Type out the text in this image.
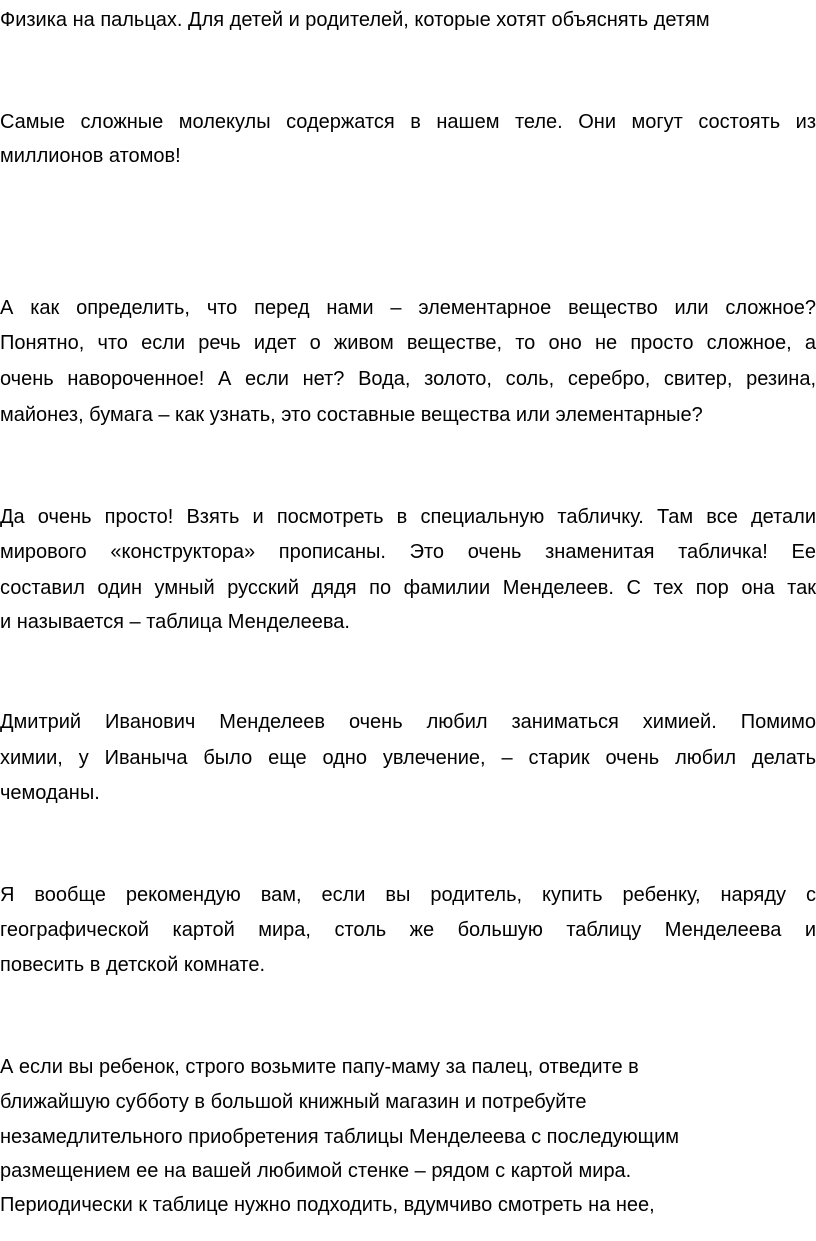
Физика на пальцах. Для детей и родителей, которые хотят объяснять детям
Самые сложные молекулы содержатся в нашем теле. Они могут состоять из
миллионов атомов!
А как определить, что перед нами – элементарное вещество или сложное?
Понятно, что если речь идет о живом веществе, то оно не просто сложное, а
очень навороченное! А если нет? Вода, золото, соль, серебро, свитер, резина,
майонез, бумага – как узнать, это составные вещества или элементарные?
Да очень просто! Взять и посмотреть в специальную табличку. Там все детали
мирового «конструктора» прописаны. Это очень знаменитая табличка! Ее
составил один умный русский дядя по фамилии Менделеев. С тех пор она так
и называется – таблица Менделеева.
Дмитрий Иванович Менделеев очень любил заниматься химией. Помимо
химии, у Иваныча было еще одно увлечение, – старик очень любил делать
чемоданы.
Я вообще рекомендую вам, если вы родитель, купить ребенку, наряду с
географической картой мира, столь же большую таблицу Менделеева и
повесить в детской комнате.
А если вы ребенок, строго возьмите папу-маму за палец, отведите в
ближайшую субботу в большой книжный магазин и потребуйте
незамедлительного приобретения таблицы Менделеева с последующим
размещением ее на вашей любимой стенке – рядом с картой мира.
Периодически к таблице нужно подходить, вдумчиво смотреть на нее,
